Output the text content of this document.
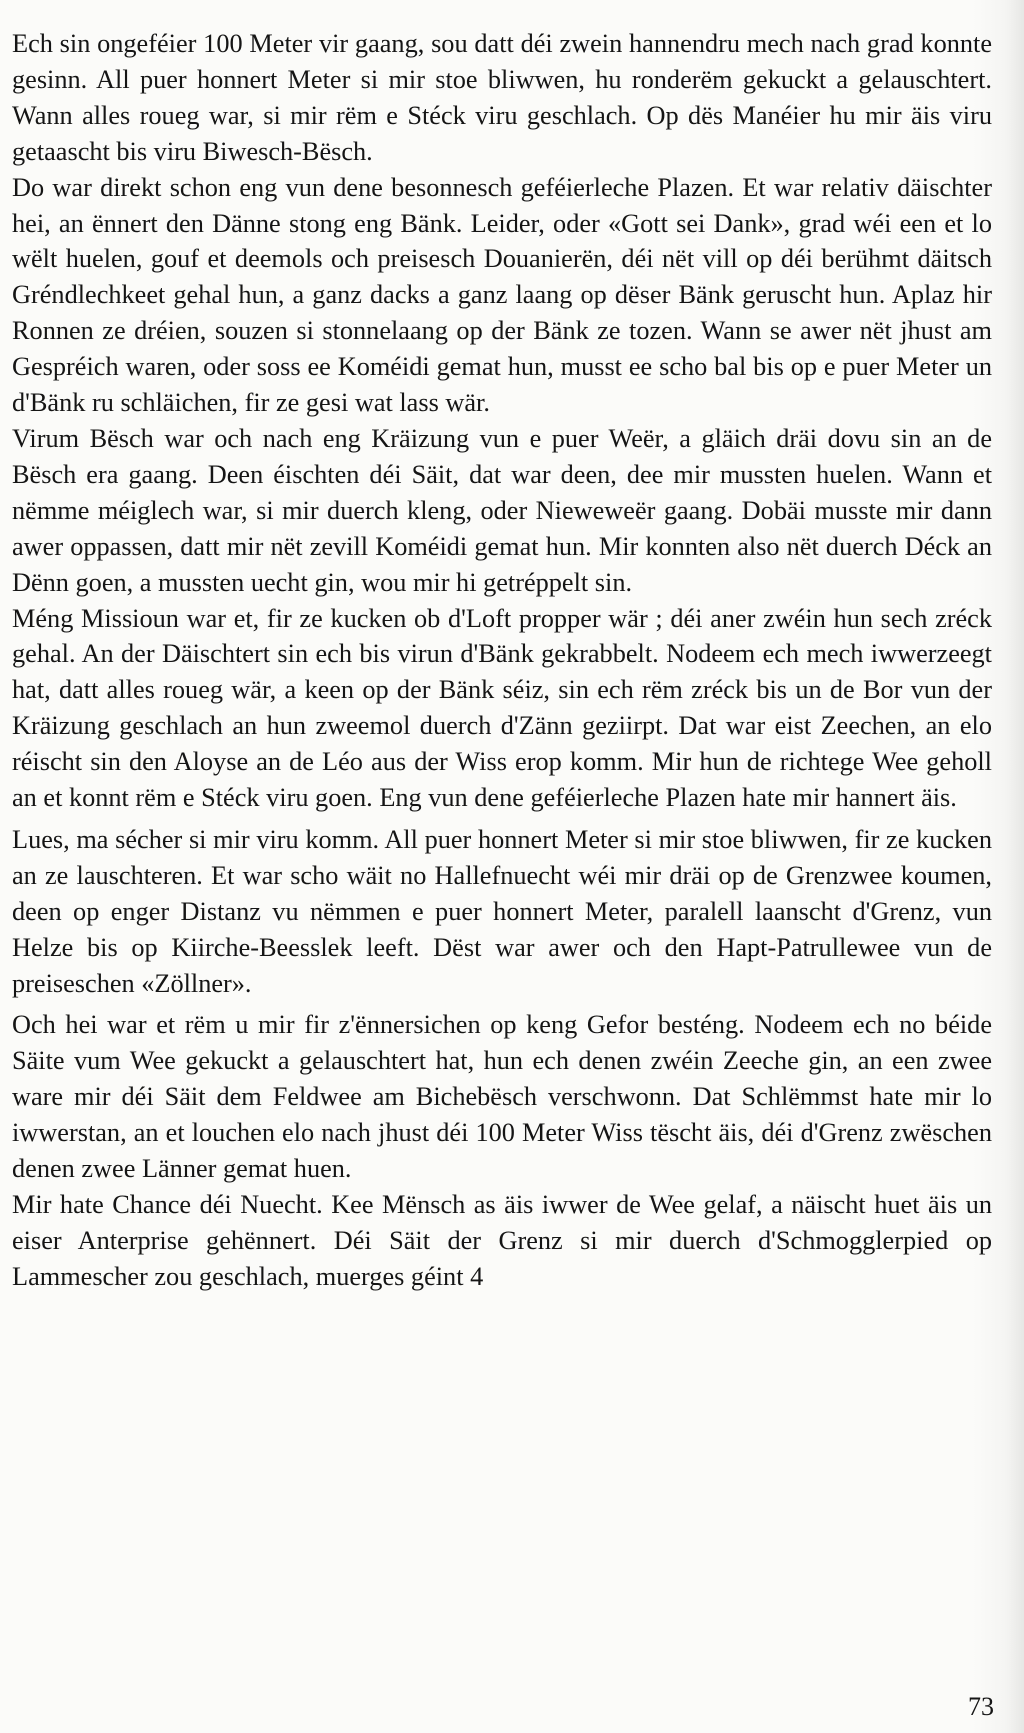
Ech sin ongeféier 100 Meter vir gaang, sou datt déi zwein hannendru mech nach grad konnte gesinn. All puer honnert Meter si mir stoe bliwwen, hu ronderëm gekuckt a gelauschtert. Wann alles roueg war, si mir rëm e Stéck viru geschlach. Op dës Manéier hu mir äis viru getaascht bis viru Biwesch-Bësch.

Do war direkt schon eng vun dene besonnesch geféierleche Plazen. Et war relativ däischter hei, an ënnert den Dänne stong eng Bänk. Leider, oder «Gott sei Dank», grad wéi een et lo wëlt huelen, gouf et deemols och preisesch Douanierën, déi nët vill op déi berühmt däitsch Gréndlechkeet gehal hun, a ganz dacks a ganz laang op dëser Bänk geruscht hun. Aplaz hir Ronnen ze dréien, souzen si stonnelaang op der Bänk ze tozen. Wann se awer nët jhust am Gespréich waren, oder soss ee Koméidi gemat hun, musst ee scho bal bis op e puer Meter un d'Bänk ru schläichen, fir ze gesi wat lass wär.

Virum Bësch war och nach eng Kräizung vun e puer Weër, a gläich dräi dovu sin an de Bësch era gaang. Deen éischten déi Säit, dat war deen, dee mir mussten huelen. Wann et nëmme méiglech war, si mir duerch kleng, oder Nieweweër gaang. Dobäi musste mir dann awer oppassen, datt mir nët zevill Koméidi gemat hun. Mir konnten also nët duerch Déck an Dënn goen, a mussten uecht gin, wou mir hi getréppelt sin.

Méng Missioun war et, fir ze kucken ob d'Loft propper wär ; déi aner zwéin hun sech zréck gehal. An der Däischtert sin ech bis virun d'Bänk gekrabbelt. Nodeem ech mech iwwerzeegt hat, datt alles roueg wär, a keen op der Bänk séiz, sin ech rëm zréck bis un de Bor vun der Kräizung geschlach an hun zweemol duerch d'Zänn geziirpt. Dat war eist Zeechen, an elo réischt sin den Aloyse an de Léo aus der Wiss erop komm. Mir hun de richtege Wee geholl an et konnt rëm e Stéck viru goen. Eng vun dene geféierleche Plazen hate mir hannert äis.

Lues, ma sécher si mir viru komm. All puer honnert Meter si mir stoe bliwwen, fir ze kucken an ze lauschteren. Et war scho wäit no Hallefnuecht wéi mir dräi op de Grenzwee koumen, deen op enger Distanz vu nëmmen e puer honnert Meter, paralell laanscht d'Grenz, vun Helze bis op Kiirche-Beesslek leeft. Dëst war awer och den Hapt-Patrullewee vun de preiseschen «Zöllner».

Och hei war et rëm u mir fir z'ënnersichen op keng Gefor besténg. Nodeem ech no béide Säite vum Wee gekuckt a gelauschtert hat, hun ech denen zwéin Zeeche gin, an een zwee ware mir déi Säit dem Feldwee am Bichebësch verschwonn. Dat Schlëmmst hate mir lo iwwerstan, an et louchen elo nach jhust déi 100 Meter Wiss tëscht äis, déi d'Grenz zwëschen denen zwee Länner gemat huen.

Mir hate Chance déi Nuecht. Kee Mënsch as äis iwwer de Wee gelaf, a näischt huet äis un eiser Anterprise gehënnert. Déi Säit der Grenz si mir duerch d'Schmogglerpied op Lammescher zou geschlach, muerges géint 4

73
